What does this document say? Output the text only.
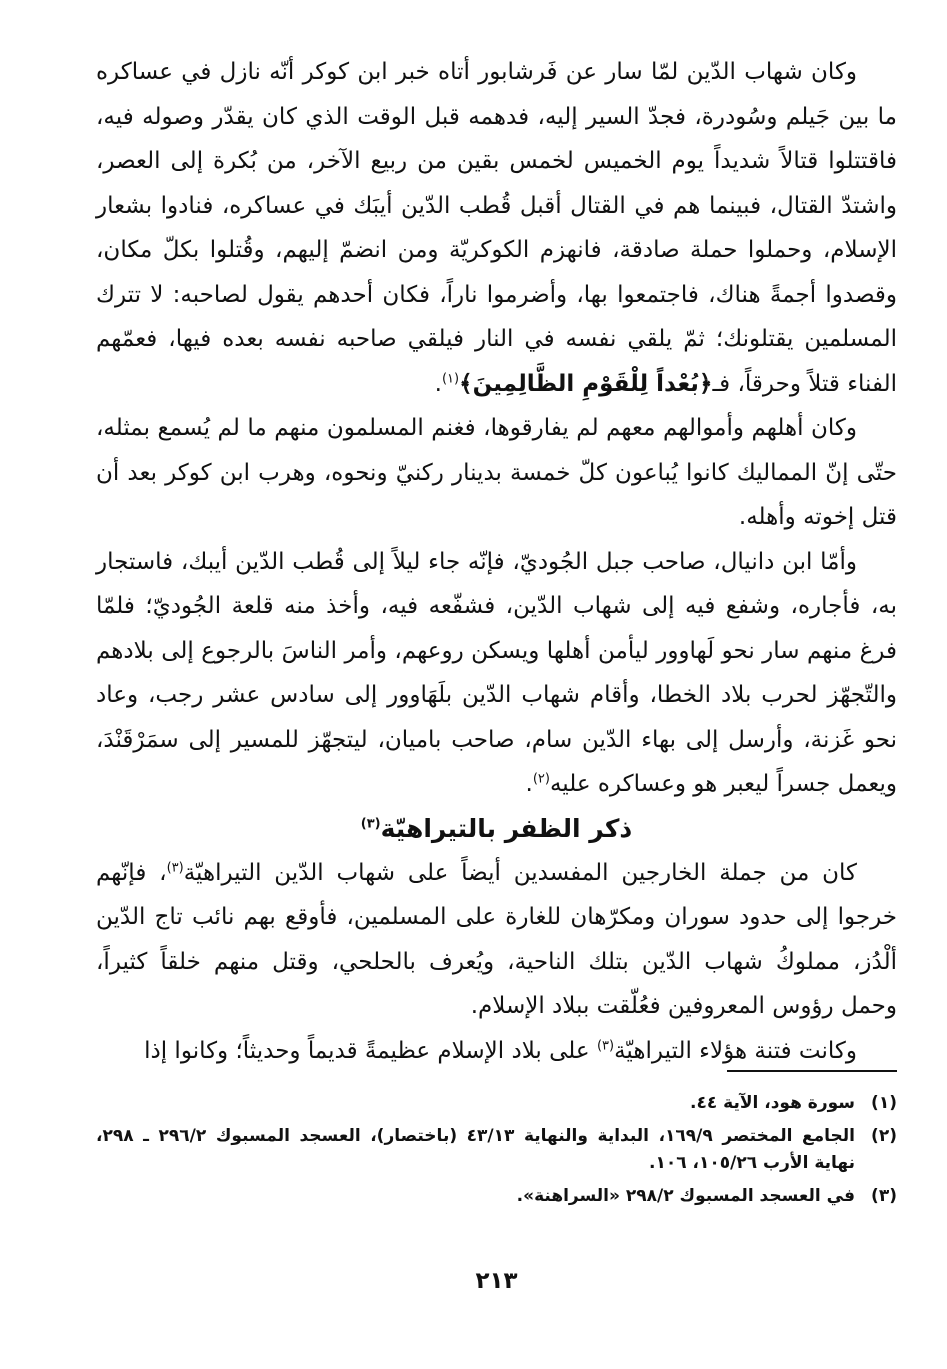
وكان شهاب الدّين لمّا سار عن فَرشابور أتاه خبر ابن كوكر أنّه نازل في عساكره ما بين جَيلم وسُودرة، فجدّ السير إليه، فدهمه قبل الوقت الذي كان يقدّر وصوله فيه، فاقتتلوا قتالاً شديداً يوم الخميس لخمس بقين من ربيع الآخر، من بُكرة إلى العصر، واشتدّ القتال، فبينما هم في القتال أقبل قُطب الدّين أيبَك في عساكره، فنادوا بشعار الإسلام، وحملوا حملة صادقة، فانهزم الكوكريّة ومن انضمّ إليهم، وقُتلوا بكلّ مكان، وقصدوا أجمةً هناك، فاجتمعوا بها، وأضرموا ناراً، فكان أحدهم يقول لصاحبه: لا تترك المسلمين يقتلونك؛ ثمّ يلقي نفسه في النار فيلقي صاحبه نفسه بعده فيها، فعمّهم الفناء قتلاً وحرقاً، فـ﴿بُعْداً لِلْقَوْمِ الظَّالِمِينَ﴾$^{(١)}$.

وكان أهلهم وأموالهم معهم لم يفارقوها، فغنم المسلمون منهم ما لم يُسمع بمثله، حتّى إنّ المماليك كانوا يُباعون كلّ خمسة بدينار ركنيّ ونحوه، وهرب ابن كوكر بعد أن قتل إخوته وأهله.

وأمّا ابن دانيال، صاحب جبل الجُوديّ، فإنّه جاء ليلاً إلى قُطب الدّين أيبك، فاستجار به، فأجاره، وشفع فيه إلى شهاب الدّين، فشفّعه فيه، وأخذ منه قلعة الجُوديّ؛ فلمّا فرغ منهم سار نحو لَهاوور ليأمن أهلها ويسكن روعهم، وأمر الناسَ بالرجوع إلى بلادهم والتّجهّز لحرب بلاد الخطا، وأقام شهاب الدّين بلَهَاوور إلى سادس عشر رجب، وعاد نحو غَزنة، وأرسل إلى بهاء الدّين سام، صاحب باميان، ليتجهّز للمسير إلى سمَرْقَنْدَ، ويعمل جسراً ليعبر هو وعساكره عليه$^{(٢)}$.

ذكر الظفر بالتيراهيّة$^{(٣)}$

كان من جملة الخارجين المفسدين أيضاً على شهاب الدّين التيراهيّة$^{(٣)}$، فإنّهم خرجوا إلى حدود سوران ومكرّهان للغارة على المسلمين، فأوقع بهم نائب تاج الدّين ألْدُز، مملوكُ شهاب الدّين بتلك الناحية، ويُعرف بالحلحي، وقتل منهم خلقاً كثيراً، وحمل رؤوس المعروفين فعُلّقت ببلاد الإسلام.

وكانت فتنة هؤلاء التيراهيّة$^{(٣)}$ على بلاد الإسلام عظيمةً قديماً وحديثاً؛ وكانوا إذا

(١)
سورة هود، الآية ٤٤.
(٢)
الجامع المختصر ١٦٩/٩، البداية والنهاية ٤٣/١٣ (باختصار)، العسجد المسبوك ٢٩٦/٢ ـ ٢٩٨، نهاية الأرب ١٠٥/٢٦، ١٠٦.
(٣)
في العسجد المسبوك ٢٩٨/٢ «السراهنة».
٢١٣
